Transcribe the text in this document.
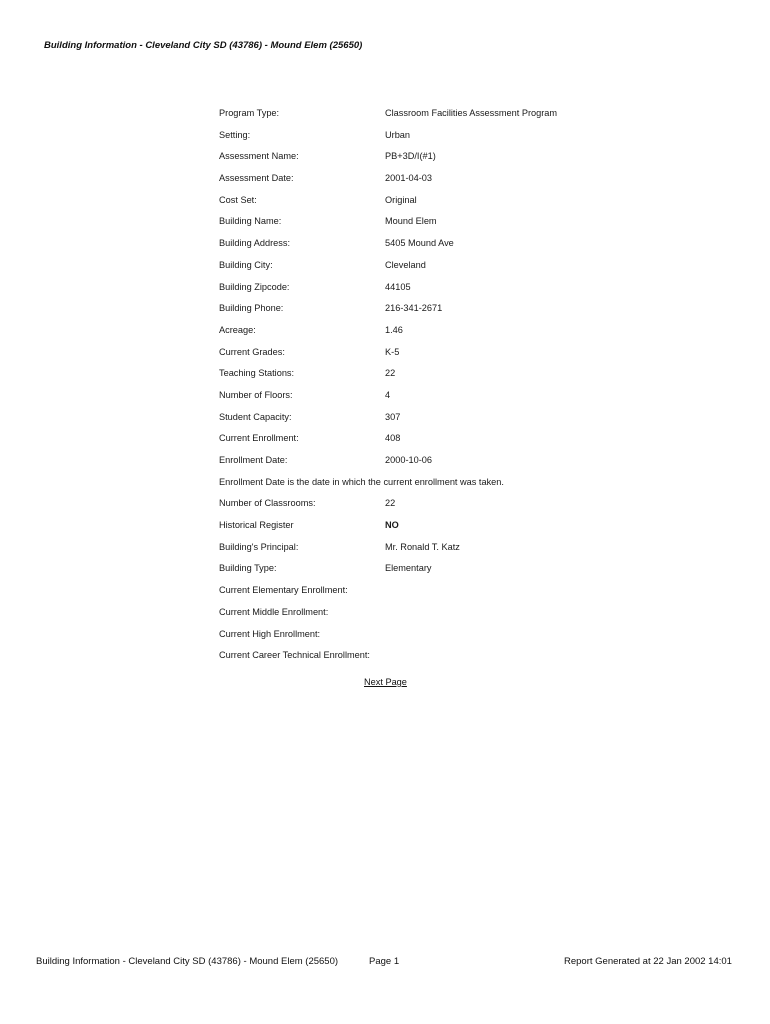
Building Information - Cleveland City SD (43786) - Mound Elem (25650)
Program Type:	Classroom Facilities Assessment Program
Setting:	Urban
Assessment Name:	PB+3D/I(#1)
Assessment Date:	2001-04-03
Cost Set:	Original
Building Name:	Mound Elem
Building Address:	5405 Mound Ave
Building City:	Cleveland
Building Zipcode:	44105
Building Phone:	216-341-2671
Acreage:	1.46
Current Grades:	K-5
Teaching Stations:	22
Number of Floors:	4
Student Capacity:	307
Current Enrollment:	408
Enrollment Date:	2000-10-06
Enrollment Date is the date in which the current enrollment was taken.
Number of Classrooms:	22
Historical Register	NO
Building's Principal:	Mr. Ronald T. Katz
Building Type:	Elementary
Current Elementary Enrollment:
Current Middle Enrollment:
Current High Enrollment:
Current Career Technical Enrollment:
Next Page
Building Information - Cleveland City SD (43786) - Mound Elem (25650)	Page 1	Report Generated at 22 Jan 2002 14:01
